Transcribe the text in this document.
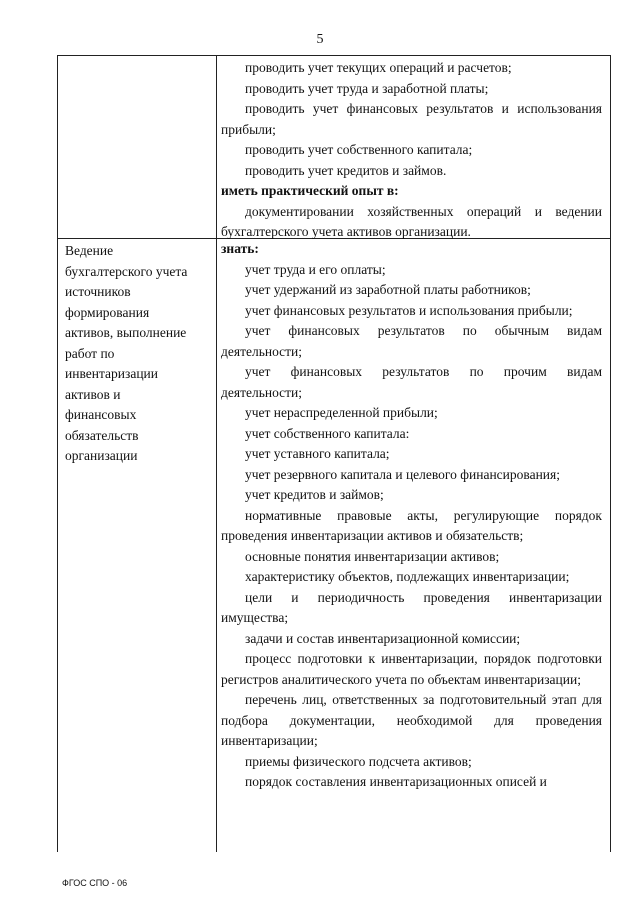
5

проводить учет текущих операций и расчетов;

проводить учет труда и заработной платы;

проводить учет финансовых результатов и использования прибыли;

проводить учет собственного капитала;

проводить учет кредитов и займов.

иметь практический опыт в:

документировании хозяйственных операций и ведении бухгалтерского учета активов организации.

Ведение
бухгалтерского учета
источников
формирования
активов, выполнение
работ по
инвентаризации
активов и
финансовых
обязательств
организации

знать:

учет труда и его оплаты;

учет удержаний из заработной платы работников;

учет финансовых результатов и использования прибыли;

учет финансовых результатов по обычным видам деятельности;

учет финансовых результатов по прочим видам деятельности;

учет нераспределенной прибыли;

учет собственного капитала:

учет уставного капитала;

учет резервного капитала и целевого финансирования;

учет кредитов и займов;

нормативные правовые акты, регулирующие порядок проведения инвентаризации активов и обязательств;

основные понятия инвентаризации активов;

характеристику объектов, подлежащих инвентаризации;

цели и периодичность проведения инвентаризации имущества;

задачи и состав инвентаризационной комиссии;

процесс подготовки к инвентаризации, порядок подготовки регистров аналитического учета по объектам инвентаризации;

перечень лиц, ответственных за подготовительный этап для подбора документации, необходимой для проведения инвентаризации;

приемы физического подсчета активов;

порядок составления инвентаризационных описей и

ФГОС СПО - 06
